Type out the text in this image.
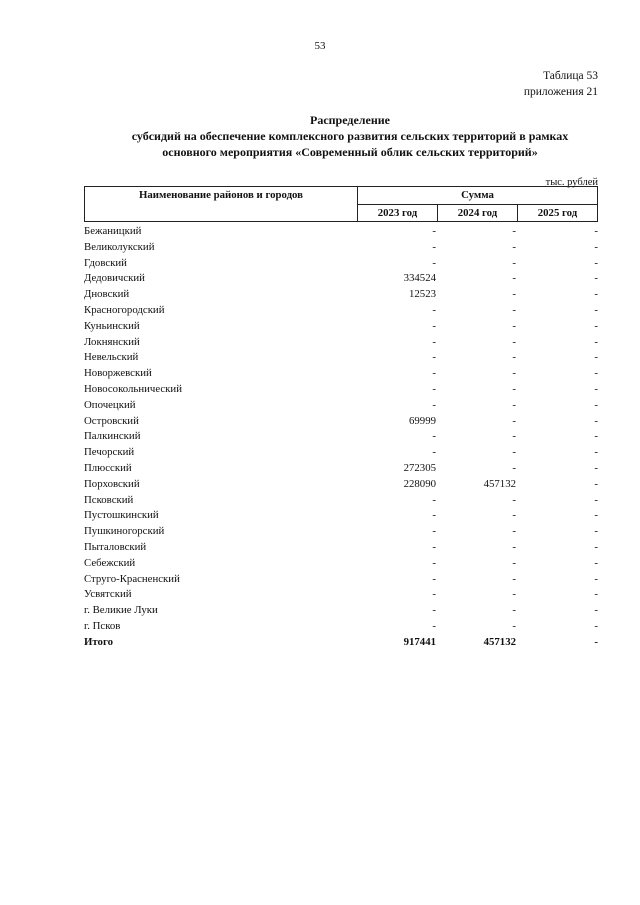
53
Таблица 53
приложения 21
Распределение
субсидий на обеспечение комплексного развития сельских территорий в рамках
основного мероприятия «Современный облик сельских территорий»
тыс. рублей
Наименование районов и городов	Сумма
2023 год	2024 год	2025 год
Бежаницкий	-	-	-
Великолукский	-	-	-
Гдовский	-	-	-
Дедовичский	334524	-	-
Дновский	12523	-	-
Красногородский	-	-	-
Куньинский	-	-	-
Локнянский	-	-	-
Невельский	-	-	-
Новоржевский	-	-	-
Новосокольнический	-	-	-
Опочецкий	-	-	-
Островский	69999	-	-
Палкинский	-	-	-
Печорский	-	-	-
Плюсский	272305	-	-
Порховский	228090	457132	-
Псковский	-	-	-
Пустошкинский	-	-	-
Пушкиногорский	-	-	-
Пыталовский	-	-	-
Себежский	-	-	-
Струго-Красненский	-	-	-
Усвятский	-	-	-
г. Великие Луки	-	-	-
г. Псков	-	-	-
Итого	917441	457132	-
